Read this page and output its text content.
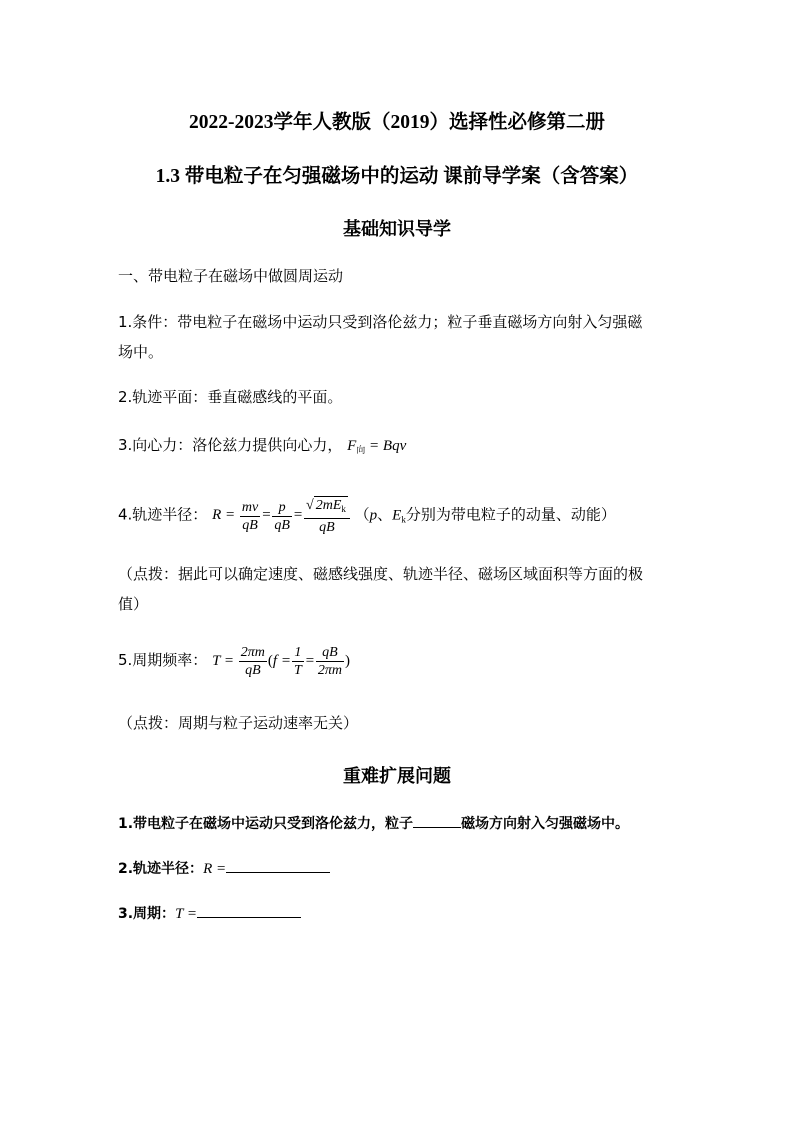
2022-2023学年人教版（2019）选择性必修第二册
1.3 带电粒子在匀强磁场中的运动 课前导学案（含答案）
基础知识导学
一、带电粒子在磁场中做圆周运动
1.条件：带电粒子在磁场中运动只受到洛伦兹力；粒子垂直磁场方向射入匀强磁
场中。
2.轨迹平面：垂直磁感线的平面。
3.向心力：洛伦兹力提供向心力， $F_向$ = Bqv
4.轨迹半径： $R = \frac{mv}{qB} = \frac{p}{qB} = \frac{√ 2mE_k}{qB} (p$、$E_k$分别为带电粒子的动量、动能）
（点拨：据此可以确定速度、磁感线强度、轨迹半径、磁场区域面积等方面的极
值）
5.周期频率： $T = \frac{2\pi m}{qB} (f = \frac{1}{T} = \frac{qB}{2\pi m}$ )
（点拨：周期与粒子运动速率无关）
重难扩展问题
1.带电粒子在磁场中运动只受到洛伦兹力，粒子	磁场方向射入匀强磁场中。
2.轨迹半径：R =
3.周期：T =
